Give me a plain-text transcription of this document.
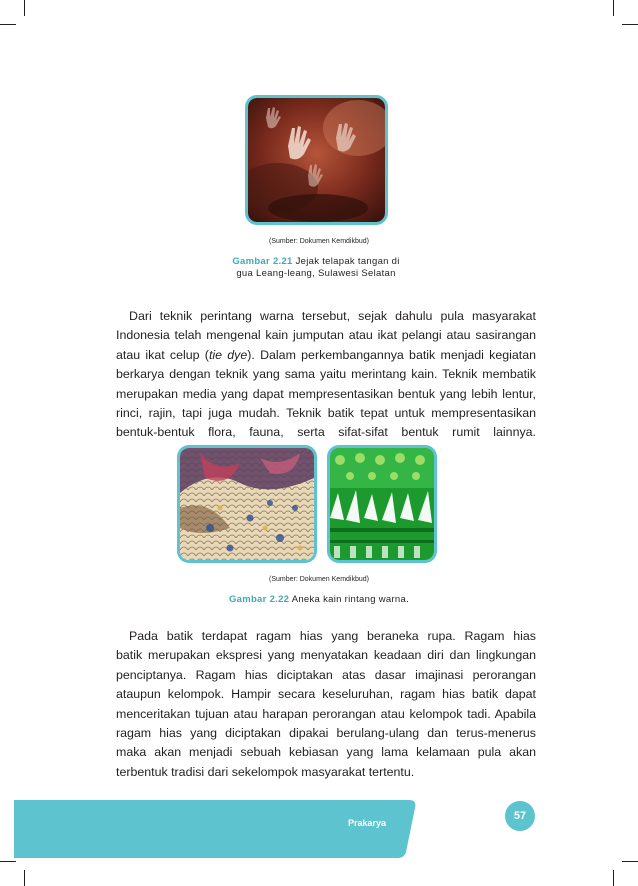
(Sumber: Dokumen Kemdikbud)
Gambar 2.21 Jejak telapak tangan di
gua Leang-leang, Sulawesi Selatan
Dari teknik perintang warna tersebut, sejak dahulu pula masyarakat
Indonesia telah mengenal kain jumputan atau ikat pelangi atau sasirangan
atau ikat celup (tie dye). Dalam perkembangannya batik menjadi kegiatan
berkarya dengan teknik yang sama yaitu merintang kain. Teknik membatik
merupakan media yang dapat mempresentasikan bentuk yang lebih lentur,
rinci, rajin, tapi juga mudah. Teknik batik tepat untuk mempresentasikan
bentuk-bentuk flora, fauna, serta sifat-sifat bentuk rumit lainnya.
(Sumber: Dokumen Kemdikbud)
Gambar 2.22 Aneka kain rintang warna.
Pada batik terdapat ragam hias yang beraneka rupa. Ragam hias
batik merupakan ekspresi yang menyatakan keadaan diri dan lingkungan
penciptanya. Ragam hias diciptakan atas dasar imajinasi perorangan
ataupun kelompok. Hampir secara keseluruhan, ragam hias batik dapat
menceritakan tujuan atau harapan perorangan atau kelompok tadi. Apabila
ragam hias yang diciptakan dipakai berulang-ulang dan terus-menerus
maka akan menjadi sebuah kebiasan yang lama kelamaan pula akan
terbentuk tradisi dari sekelompok masyarakat tertentu.
Prakarya
57
